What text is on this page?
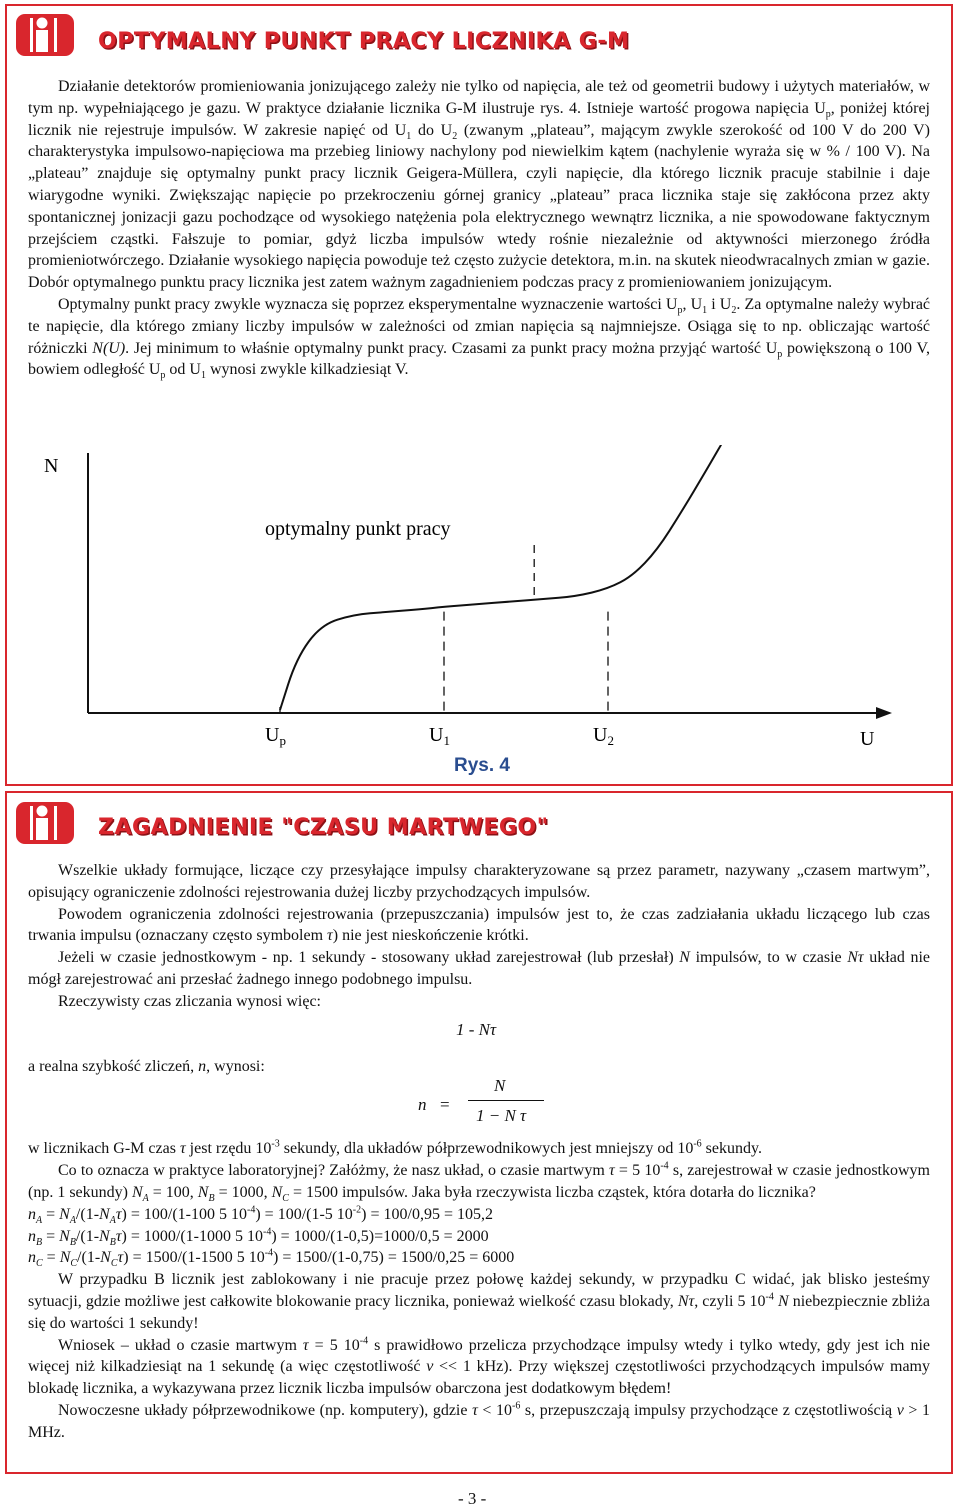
OPTYMALNY PUNKT PRACY LICZNIKA G-M

Działanie detektorów promieniowania jonizującego zależy nie tylko od napięcia, ale też od geometrii budowy i użytych materiałów, w tym np. wypełniającego je gazu. W praktyce działanie licznika G-M ilustruje rys. 4. Istnieje wartość progowa napięcia $U_p$, poniżej której licznik nie rejestruje impulsów. W zakresie napięć od $U_1$ do $U_2$ (zwanym „plateau”, mającym zwykle szerokość od 100 V do 200 V) charakterystyka impulsowo-napięciowa ma przebieg liniowy nachylony pod niewielkim kątem (nachylenie wyraża się w % / 100 V). Na „plateau” znajduje się optymalny punkt pracy licznik Geigera-Müllera, czyli napięcie, dla którego licznik pracuje stabilnie i daje wiarygodne wyniki. Zwiększając napięcie po przekroczeniu górnej granicy „plateau” praca licznika staje się zakłócona przez akty spontanicznej jonizacji gazu pochodzące od wysokiego natężenia pola elektrycznego wewnątrz licznika, a nie spowodowane faktycznym przejściem cząstki. Fałszuje to pomiar, gdyż liczba impulsów wtedy rośnie niezależnie od aktywności mierzonego źródła promieniotwórczego. Działanie wysokiego napięcia powoduje też często zużycie detektora, m.in. na skutek nieodwracalnych zmian w gazie. Dobór optymalnego punktu pracy licznika jest zatem ważnym zagadnieniem podczas pracy z promieniowaniem jonizującym.

Optymalny punkt pracy zwykle wyznacza się poprzez eksperymentalne wyznaczenie wartości $U_p$, $U_1$ i $U_2$. Za optymalne należy wybrać te napięcie, dla którego zmiany liczby impulsów w zależności od zmian napięcia są najmniejsze. Osiąga się to np. obliczając wartość różniczki N(U). Jej minimum to właśnie optymalny punkt pracy. Czasami za punkt pracy można przyjąć wartość $U_p$ powiększoną o 100 V, bowiem odległość $U_p$ od $U_1$ wynosi zwykle kilkadziesiąt V.

N
U
optymalny punkt pracy
$U_p$	$U_1$	$U_2$
Rys. 4
ZAGADNIENIE "CZASU MARTWEGO"

Wszelkie układy formujące, liczące czy przesyłające impulsy charakteryzowane są przez parametr, nazywany „czasem martwym”, opisujący ograniczenie zdolności rejestrowania dużej liczby przychodzących impulsów.

Powodem ograniczenia zdolności rejestrowania (przepuszczania) impulsów jest to, że czas zadziałania układu liczącego lub czas trwania impulsu (oznaczany często symbolem τ) nie jest nieskończenie krótki.

Jeżeli w czasie jednostkowym - np. 1 sekundy - stosowany układ zarejestrował (lub przesłał) N impulsów, to w czasie Nτ układ nie mógł zarejestrować ani przesłać żadnego innego podobnego impulsu.

Rzeczywisty czas zliczania wynosi więc:

1 - Nτ

a realna szybkość zliczeń, n, wynosi:

n =
N
1 − N τ

w licznikach G-M czas τ jest rzędu $10^{-3}$ sekundy, dla układów półprzewodnikowych jest mniejszy od $10^{-6}$ sekundy.

Co to oznacza w praktyce laboratoryjnej? Załóżmy, że nasz układ, o czasie martwym τ = 5 $10^{-4}$ s, zarejestrował w czasie jednostkowym (np. 1 sekundy) $N_A = 100$, $N_B = 1000$, $N_C = 1500$ impulsów. Jaka była rzeczywista liczba cząstek, która dotarła do licznika?

$n_A = N_A/(1-N_A\tau) = 100/(1-100$ 5 $10^{-4}) = 100/(1-5$ $10^{-2}) = 100/0,95 = 105,2$

$n_B = N_B/(1-N_B\tau) = 1000/(1-1000$ 5 $10^{-4}) = 1000/(1-0,5)=1000/0,5 = 2000$

$n_C = N_C/(1-N_C\tau) = 1500/(1-1500$ 5 $10^{-4}) = 1500/(1-0,75) = 1500/0,25 = 6000$

W przypadku B licznik jest zablokowany i nie pracuje przez połowę każdej sekundy, w przypadku C widać, jak blisko jesteśmy sytuacji, gdzie możliwe jest całkowite blokowanie pracy licznika, ponieważ wielkość czasu blokady, Nτ, czyli 5 $10^{-4}$ N niebezpiecznie zbliża się do wartości 1 sekundy!

Wniosek – układ o czasie martwym τ = 5 $10^{-4}$ s prawidłowo przelicza przychodzące impulsy wtedy i tylko wtedy, gdy jest ich nie więcej niż kilkadziesiąt na 1 sekundę (a więc częstotliwość v << 1 kHz). Przy większej częstotliwości przychodzących impulsów mamy blokadę licznika, a wykazywana przez licznik liczba impulsów obarczona jest dodatkowym błędem!

Nowoczesne układy półprzewodnikowe (np. komputery), gdzie $\tau < 10^{-6}$ s, przepuszczają impulsy przychodzące z częstotliwością v > 1 MHz.

- 3 -
